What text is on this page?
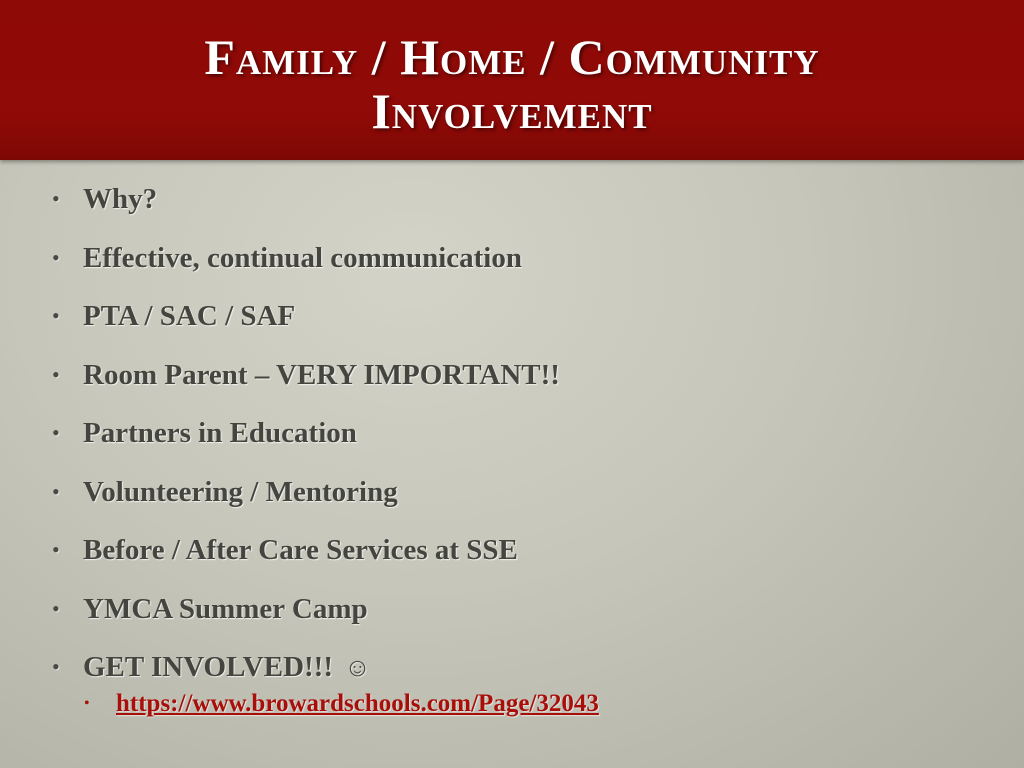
Family / Home / Community
Involvement
• Why?
• Effective, continual communication
• PTA / SAC / SAF
• Room Parent – VERY IMPORTANT!!
• Partners in Education
• Volunteering / Mentoring
• Before / After Care Services at SSE
• YMCA Summer Camp
• GET INVOLVED!!! ☺
•	https://www.browardschools.com/Page/32043
